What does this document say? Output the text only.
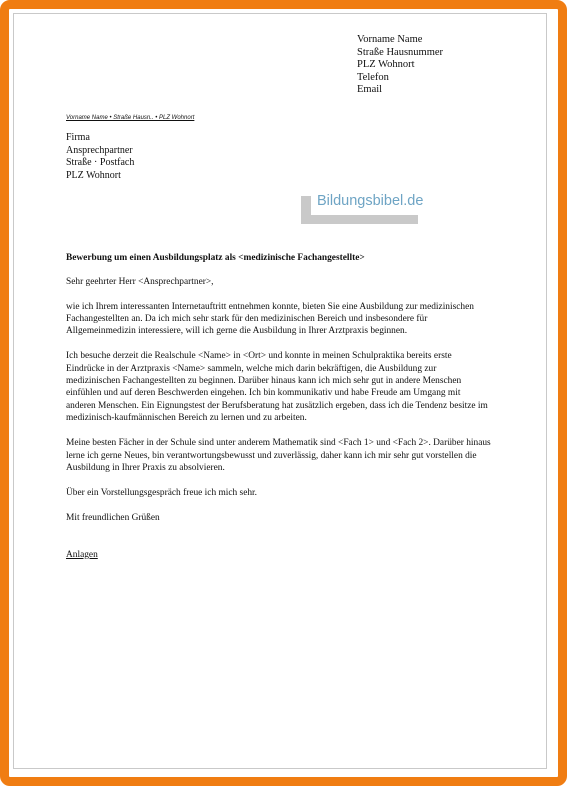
Vorname Name
Straße Hausnummer
PLZ Wohnort
Telefon
Email
Vorname Name • Straße Hausn.. • PLZ Wohnort
Firma
Ansprechpartner
Straße · Postfach
PLZ Wohnort
Bildungsbibel.de

Bewerbung um einen Ausbildungsplatz als <medizinische Fachangestellte>

Sehr geehrter Herr <Ansprechpartner>,

wie ich Ihrem interessanten Internetauftritt entnehmen konnte, bieten Sie eine Ausbildung zur medizinischen Fachangestellten an. Da ich mich sehr stark für den medizinischen Bereich und insbesondere für Allgemeinmedizin interessiere, will ich gerne die Ausbildung in Ihrer Arztpraxis beginnen.

Ich besuche derzeit die Realschule <Name> in <Ort> und konnte in meinen Schulpraktika bereits erste Eindrücke in der Arztpraxis <Name> sammeln, welche mich darin bekräftigen, die Ausbildung zur medizinischen Fachangestellten zu beginnen. Darüber hinaus kann ich mich sehr gut in andere Menschen einfühlen und auf deren Beschwerden eingehen. Ich bin kommunikativ und habe Freude am Umgang mit anderen Menschen. Ein Eignungstest der Berufsberatung hat zusätzlich ergeben, dass ich die Tendenz besitze im medizinisch-kaufmännischen Bereich zu lernen und zu arbeiten.

Meine besten Fächer in der Schule sind unter anderem Mathematik sind <Fach 1> und <Fach 2>. Darüber hinaus lerne ich gerne Neues, bin verantwortungsbewusst und zuverlässig, daher kann ich mir sehr gut vorstellen die Ausbildung in Ihrer Praxis zu absolvieren.

Über ein Vorstellungsgespräch freue ich mich sehr.

Mit freundlichen Grüßen

Anlagen
